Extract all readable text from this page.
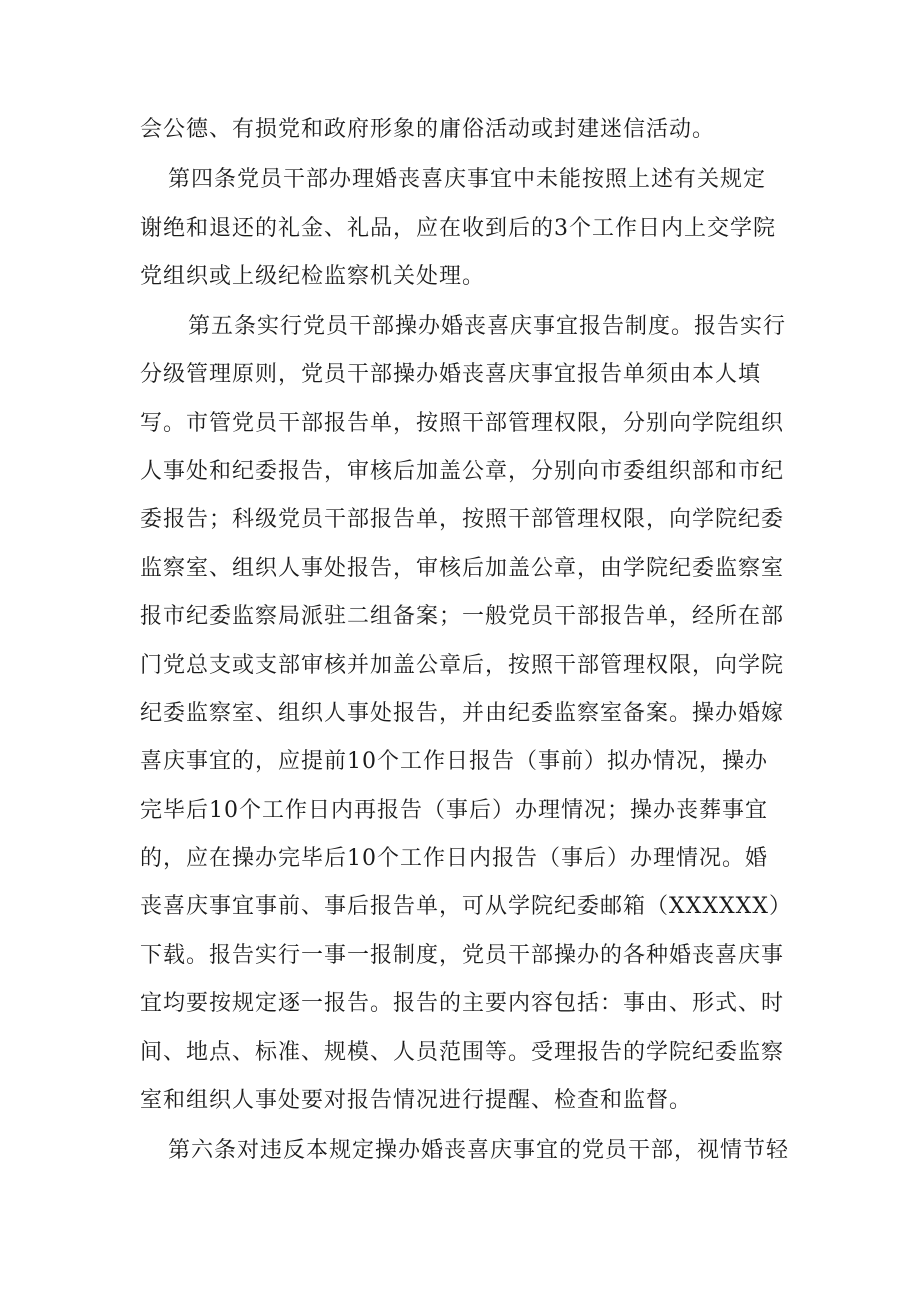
会公德、有损党和政府形象的庸俗活动或封建迷信活动。
第四条党员干部办理婚丧喜庆事宜中未能按照上述有关规定
谢绝和退还的礼金、礼品，应在收到后的3个工作日内上交学院
党组织或上级纪检监察机关处理。
第五条实行党员干部操办婚丧喜庆事宜报告制度。报告实行
分级管理原则，党员干部操办婚丧喜庆事宜报告单须由本人填
写。市管党员干部报告单，按照干部管理权限，分别向学院组织
人事处和纪委报告，审核后加盖公章，分别向市委组织部和市纪
委报告；科级党员干部报告单，按照干部管理权限，向学院纪委
监察室、组织人事处报告，审核后加盖公章，由学院纪委监察室
报市纪委监察局派驻二组备案；一般党员干部报告单，经所在部
门党总支或支部审核并加盖公章后，按照干部管理权限，向学院
纪委监察室、组织人事处报告，并由纪委监察室备案。操办婚嫁
喜庆事宜的，应提前10个工作日报告（事前）拟办情况，操办
完毕后10个工作日内再报告（事后）办理情况；操办丧葬事宜
的，应在操办完毕后10个工作日内报告（事后）办理情况。婚
丧喜庆事宜事前、事后报告单，可从学院纪委邮箱（XXXXXX）
下载。报告实行一事一报制度，党员干部操办的各种婚丧喜庆事
宜均要按规定逐一报告。报告的主要内容包括：事由、形式、时
间、地点、标准、规模、人员范围等。受理报告的学院纪委监察
室和组织人事处要对报告情况进行提醒、检查和监督。
第六条对违反本规定操办婚丧喜庆事宜的党员干部，视情节轻
